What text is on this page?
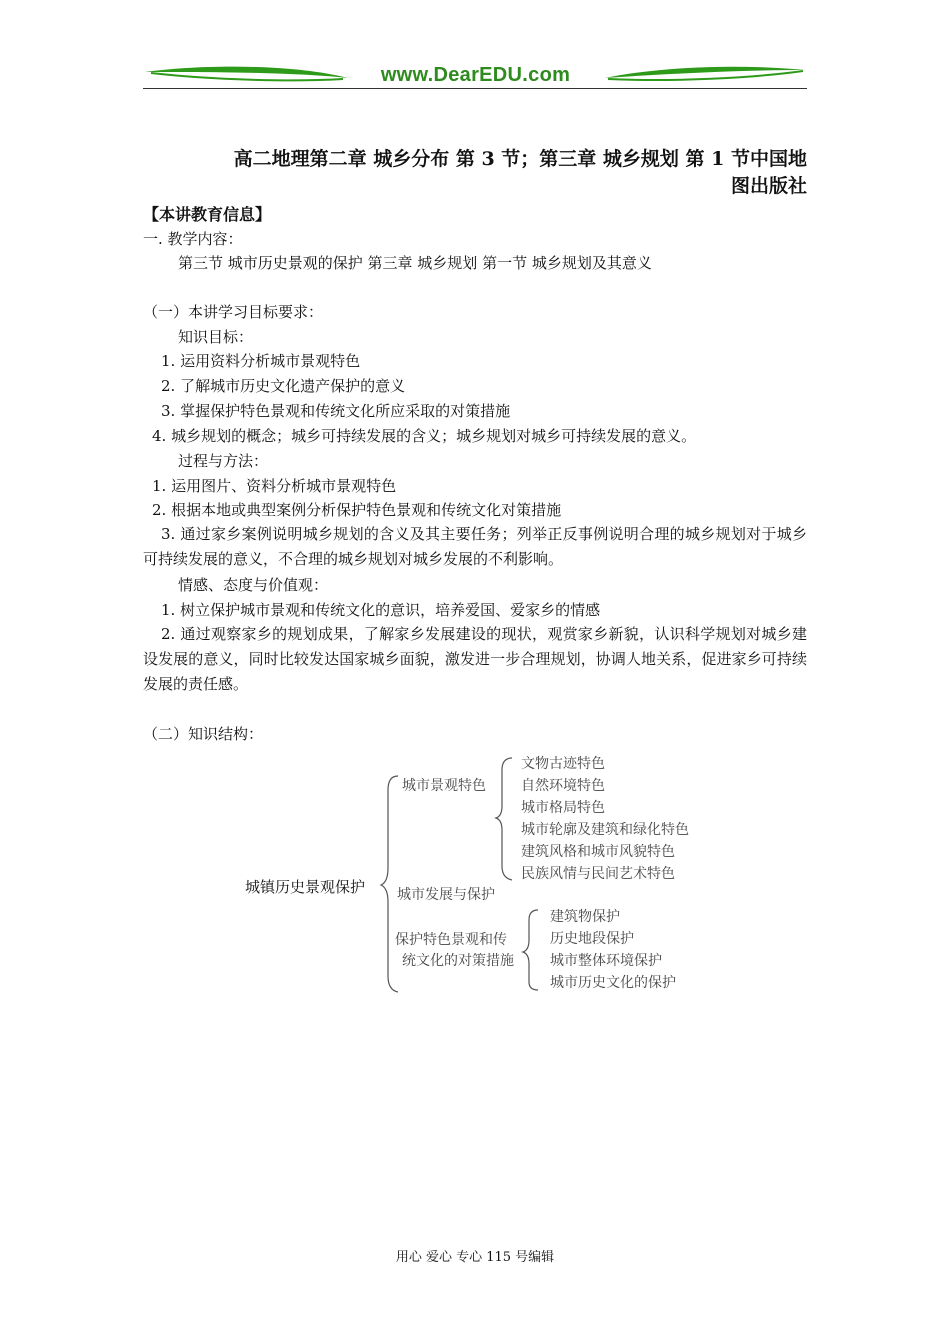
www.DearEDU.com
高二地理第二章 城乡分布 第 3 节；第三章 城乡规划 第 1 节中国地
图出版社
【本讲教育信息】
一. 教学内容：
第三节 城市历史景观的保护 第三章 城乡规划 第一节 城乡规划及其意义
（一）本讲学习目标要求：
知识目标：
1. 运用资料分析城市景观特色
2. 了解城市历史文化遗产保护的意义
3. 掌握保护特色景观和传统文化所应采取的对策措施
4. 城乡规划的概念；城乡可持续发展的含义；城乡规划对城乡可持续发展的意义。
过程与方法：
1. 运用图片、资料分析城市景观特色
2. 根据本地或典型案例分析保护特色景观和传统文化对策措施
3. 通过家乡案例说明城乡规划的含义及其主要任务；列举正反事例说明合理的城乡规划对于城乡可持续发展的意义，不合理的城乡规划对城乡发展的不利影响。
情感、态度与价值观：
1. 树立保护城市景观和传统文化的意识，培养爱国、爱家乡的情感
2. 通过观察家乡的规划成果，了解家乡发展建设的现状，观赏家乡新貌，认识科学规划对城乡建设发展的意义，同时比较发达国家城乡面貌，激发进一步合理规划，协调人地关系，促进家乡可持续发展的责任感。
（二）知识结构：
城镇历史景观保护
城市景观特色
文物古迹特色
自然环境特色
城市格局特色
城市轮廓及建筑和绿化特色
建筑风格和城市风貌特色
民族风情与民间艺术特色
城市发展与保护
保护特色景观和传
统文化的对策措施
建筑物保护
历史地段保护
城市整体环境保护
城市历史文化的保护
用心 爱心 专心 115 号编辑
